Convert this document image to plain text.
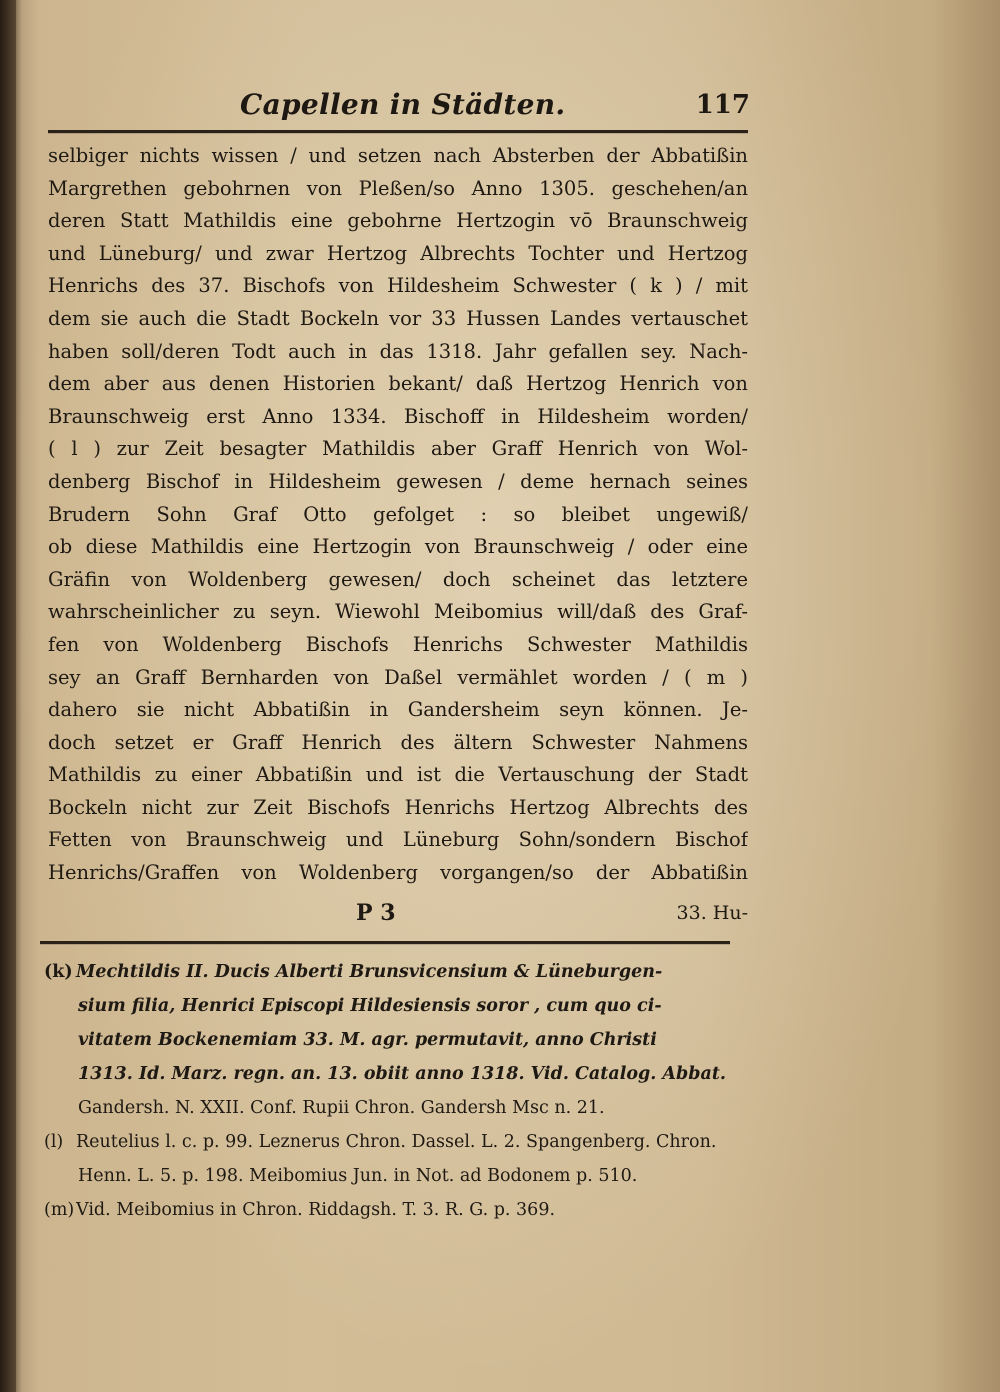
Capellen in Städten.	117
selbiger nichts wissen / und setzen nach Absterben der Abbatißin
Margrethen gebohrnen von Pleßen/so Anno 1305. geschehen/an
deren Statt Mathildis eine gebohrne Hertzogin vō Braunschweig
und Lüneburg/ und zwar Hertzog Albrechts Tochter und Hertzog
Henrichs des 37. Bischofs von Hildesheim Schwester ( k ) / mit
dem sie auch die Stadt Bockeln vor 33 Hussen Landes vertauschet
haben soll/deren Todt auch in das 1318. Jahr gefallen sey. Nach-
dem aber aus denen Historien bekant/ daß Hertzog Henrich von
Braunschweig erst Anno 1334. Bischoff in Hildesheim worden/
( l ) zur Zeit besagter Mathildis aber Graff Henrich von Wol-
denberg Bischof in Hildesheim gewesen / deme hernach seines
Brudern Sohn Graf Otto gefolget : so bleibet ungewiß/
ob diese Mathildis eine Hertzogin von Braunschweig / oder eine
Gräfin von Woldenberg gewesen/ doch scheinet das letztere
wahrscheinlicher zu seyn. Wiewohl Meibomius will/daß des Graf-
fen von Woldenberg Bischofs Henrichs Schwester Mathildis
sey an Graff Bernharden von Daßel vermählet worden / ( m )
dahero sie nicht Abbatißin in Gandersheim seyn können. Je-
doch setzet er Graff Henrich des ältern Schwester Nahmens
Mathildis zu einer Abbatißin und ist die Vertauschung der Stadt
Bockeln nicht zur Zeit Bischofs Henrichs Hertzog Albrechts des
Fetten von Braunschweig und Lüneburg Sohn/sondern Bischof
Henrichs/Graffen von Woldenberg vorgangen/so der Abbatißin
P 3	33. Hu-
(k) Mechtildis II. Ducis Alberti Brunsvicensium & Lüneburgen-
sium filia, Henrici Episcopi Hildesiensis soror , cum quo ci-
vitatem Bockenemiam 33. M. agr. permutavit, anno Christi
1313. Id. Marz. regn. an. 13. obiit anno 1318. Vid. Catalog. Abbat.
Gandersh. N. XXII. Conf. Rupii Chron. Gandersh Msc n. 21.
(l) Reutelius l. c. p. 99. Leznerus Chron. Dassel. L. 2. Spangenberg. Chron.
Henn. L. 5. p. 198. Meibomius Jun. in Not. ad Bodonem p. 510.
(m) Vid. Meibomius in Chron. Riddagsh. T. 3. R. G. p. 369.
